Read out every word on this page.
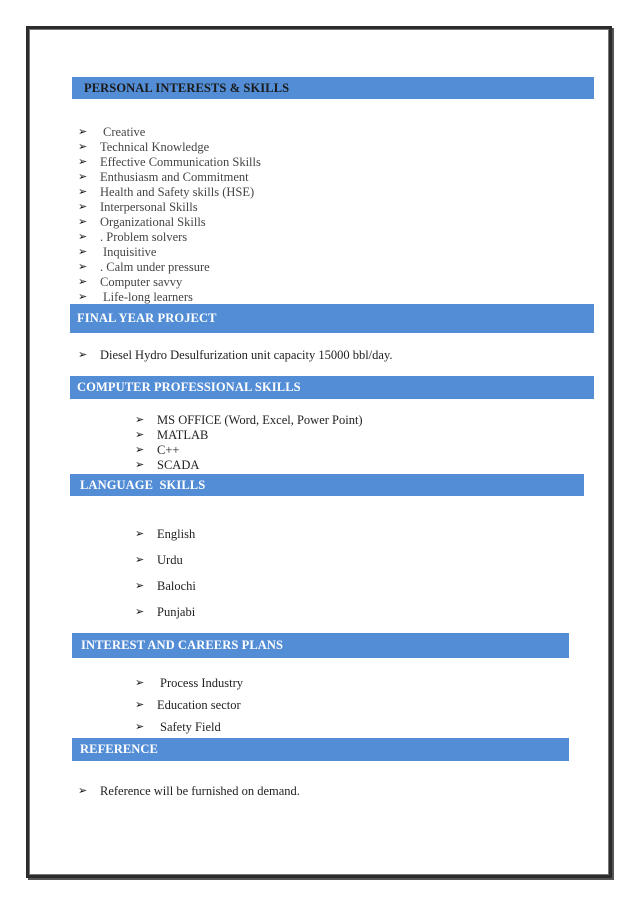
PERSONAL INTERESTS & SKILLS
➢ Creative
➢ Technical Knowledge
➢ Effective Communication Skills
➢ Enthusiasm and Commitment
➢ Health and Safety skills (HSE)
➢ Interpersonal Skills
➢ Organizational Skills
➢ . Problem solvers
➢ Inquisitive
➢ . Calm under pressure
➢ Computer savvy
➢ Life-long learners
FINAL YEAR PROJECT
➢ Diesel Hydro Desulfurization unit capacity 15000 bbl/day.
COMPUTER PROFESSIONAL SKILLS
➢ MS OFFICE (Word, Excel, Power Point)
➢ MATLAB
➢ C++
➢ SCADA
LANGUAGE  SKILLS
➢ English
➢ Urdu
➢ Balochi
➢ Punjabi
INTEREST AND CAREERS PLANS
➢ Process Industry
➢ Education sector
➢ Safety Field
REFERENCE
➢ Reference will be furnished on demand.
